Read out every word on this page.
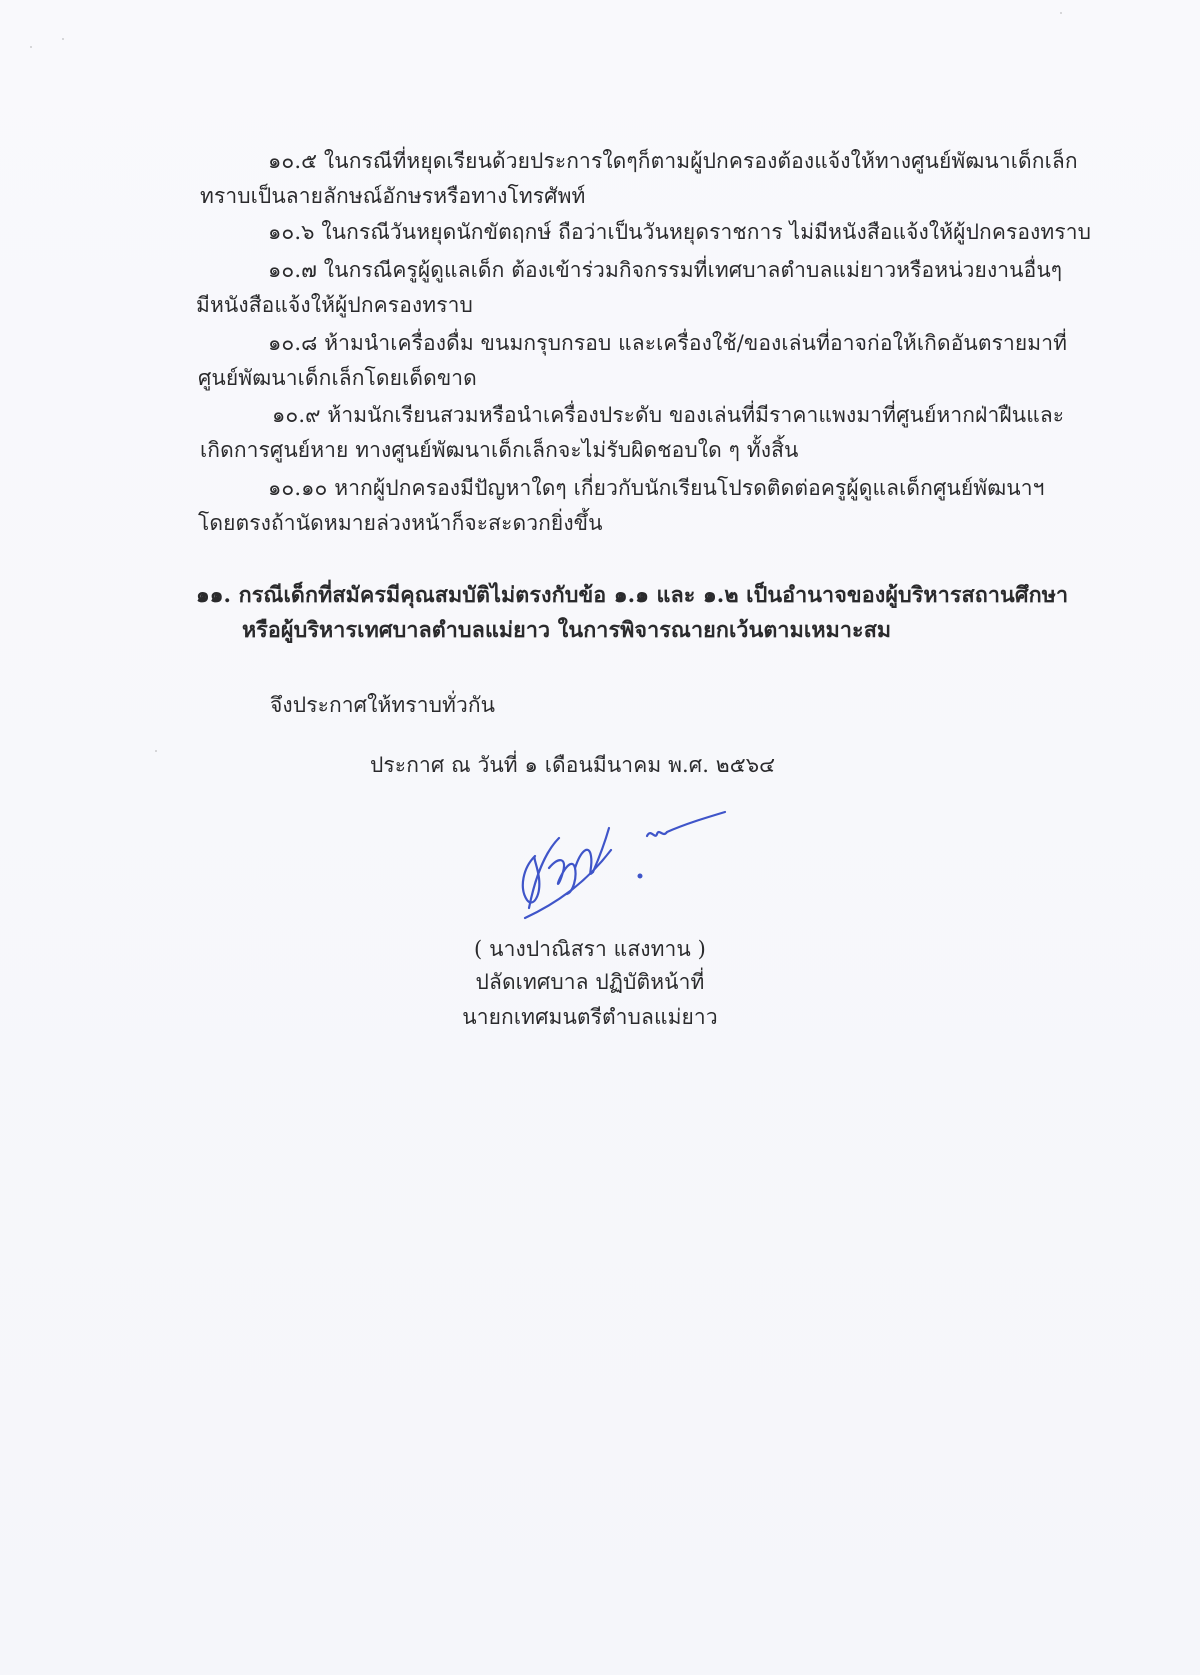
๑๐.๕ ในกรณีที่หยุดเรียนด้วยประการใดๆก็ตามผู้ปกครองต้องแจ้งให้ทางศูนย์พัฒนาเด็กเล็ก
ทราบเป็นลายลักษณ์อักษรหรือทางโทรศัพท์
๑๐.๖ ในกรณีวันหยุดนักขัตฤกษ์ ถือว่าเป็นวันหยุดราชการ ไม่มีหนังสือแจ้งให้ผู้ปกครองทราบ
๑๐.๗ ในกรณีครูผู้ดูแลเด็ก ต้องเข้าร่วมกิจกรรมที่เทศบาลตำบลแม่ยาวหรือหน่วยงานอื่นๆ
มีหนังสือแจ้งให้ผู้ปกครองทราบ
๑๐.๘ ห้ามนำเครื่องดื่ม ขนมกรุบกรอบ และเครื่องใช้/ของเล่นที่อาจก่อให้เกิดอันตรายมาที่
ศูนย์พัฒนาเด็กเล็กโดยเด็ดขาด
๑๐.๙ ห้ามนักเรียนสวมหรือนำเครื่องประดับ ของเล่นที่มีราคาแพงมาที่ศูนย์หากฝ่าฝืนและ
เกิดการศูนย์หาย ทางศูนย์พัฒนาเด็กเล็กจะไม่รับผิดชอบใด ๆ ทั้งสิ้น
๑๐.๑๐ หากผู้ปกครองมีปัญหาใดๆ เกี่ยวกับนักเรียนโปรดติดต่อครูผู้ดูแลเด็กศูนย์พัฒนาฯ
โดยตรงถ้านัดหมายล่วงหน้าก็จะสะดวกยิ่งขึ้น
๑๑. กรณีเด็กที่สมัครมีคุณสมบัติไม่ตรงกับข้อ ๑.๑ และ ๑.๒ เป็นอำนาจของผู้บริหารสถานศึกษา
หรือผู้บริหารเทศบาลตำบลแม่ยาว ในการพิจารณายกเว้นตามเหมาะสม
จึงประกาศให้ทราบทั่วกัน
ประกาศ ณ วันที่ ๑ เดือนมีนาคม พ.ศ. ๒๕๖๔
( นางปาณิสรา แสงทาน )
ปลัดเทศบาล ปฏิบัติหน้าที่
นายกเทศมนตรีตำบลแม่ยาว
